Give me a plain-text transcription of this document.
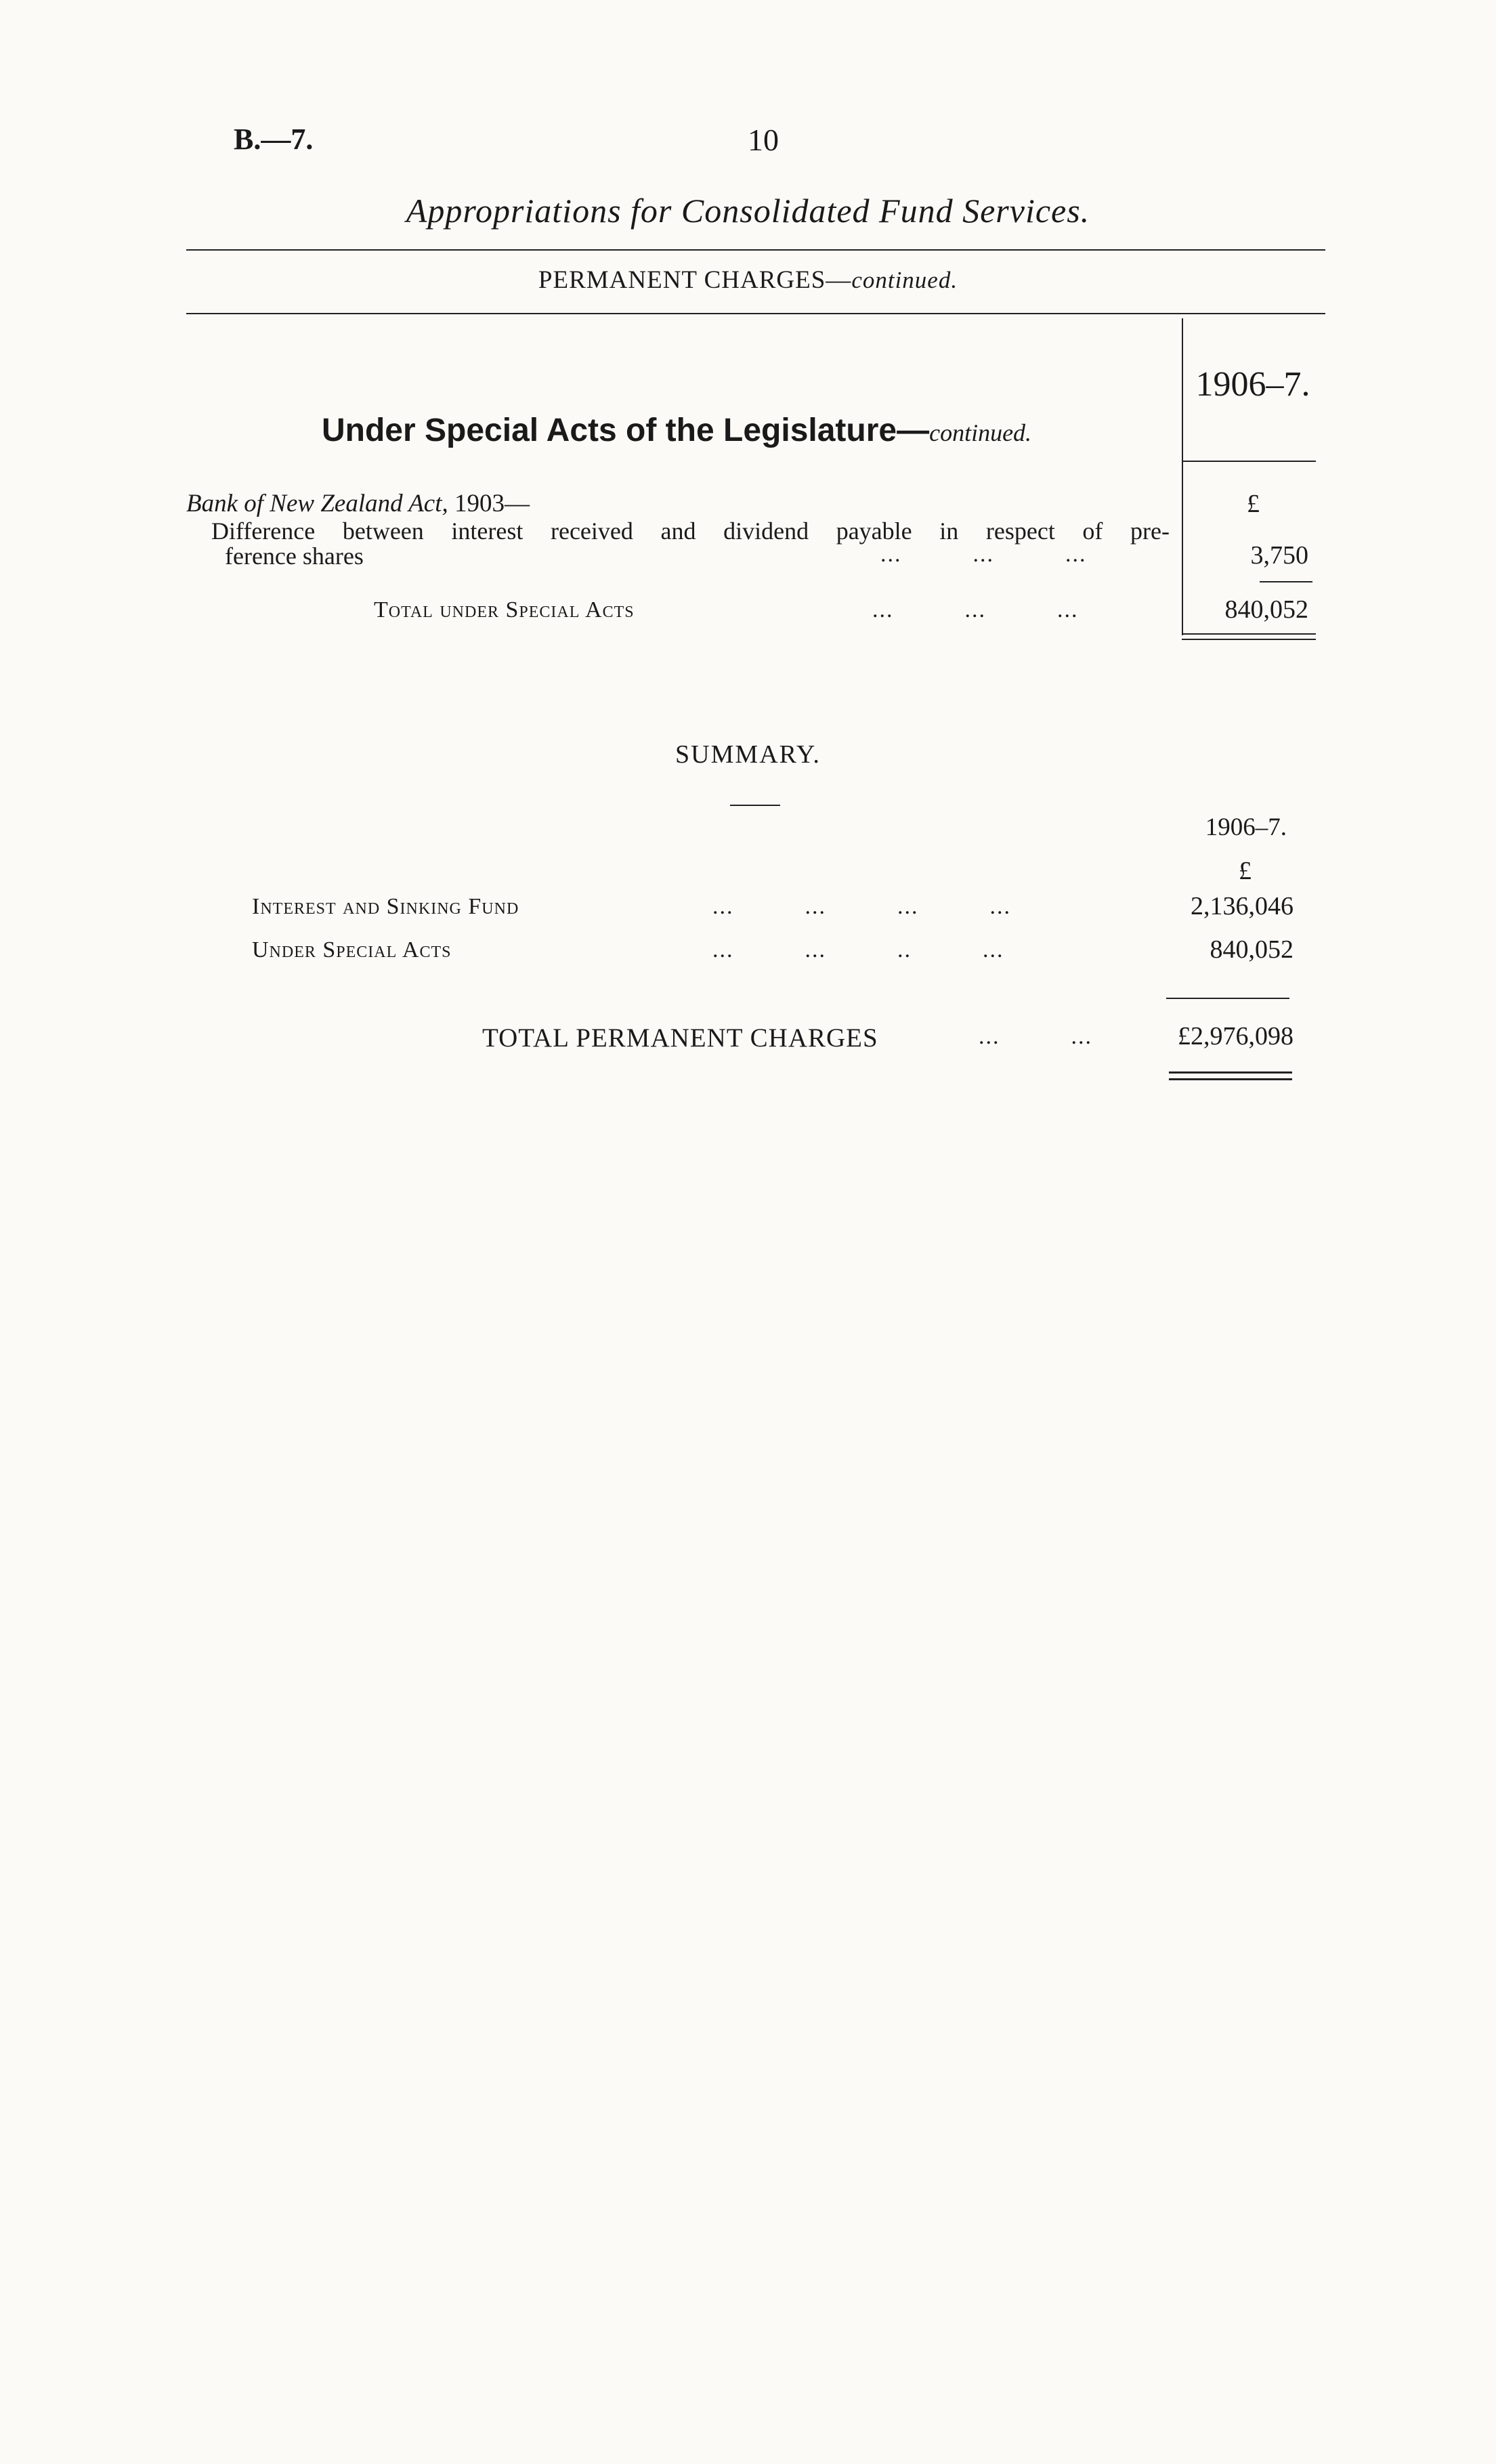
B.—7.	10
Appropriations for Consolidated Fund Services.
PERMANENT CHARGES—continued.
1906–7.
Under Special Acts of the Legislature—continued.
Bank of New Zealand Act, 1903—	£
Difference between interest received and dividend payable in respect of pre-
ference shares	...          ...          ...	3,750
Total under Special Acts	...          ...          ...	840,052
SUMMARY.
1906–7.
£
Interest and Sinking Fund	...          ...          ...          ...	2,136,046
Under Special Acts	...          ...          ..          ...	840,052
TOTAL PERMANENT CHARGES	...          ...	£2,976,098
